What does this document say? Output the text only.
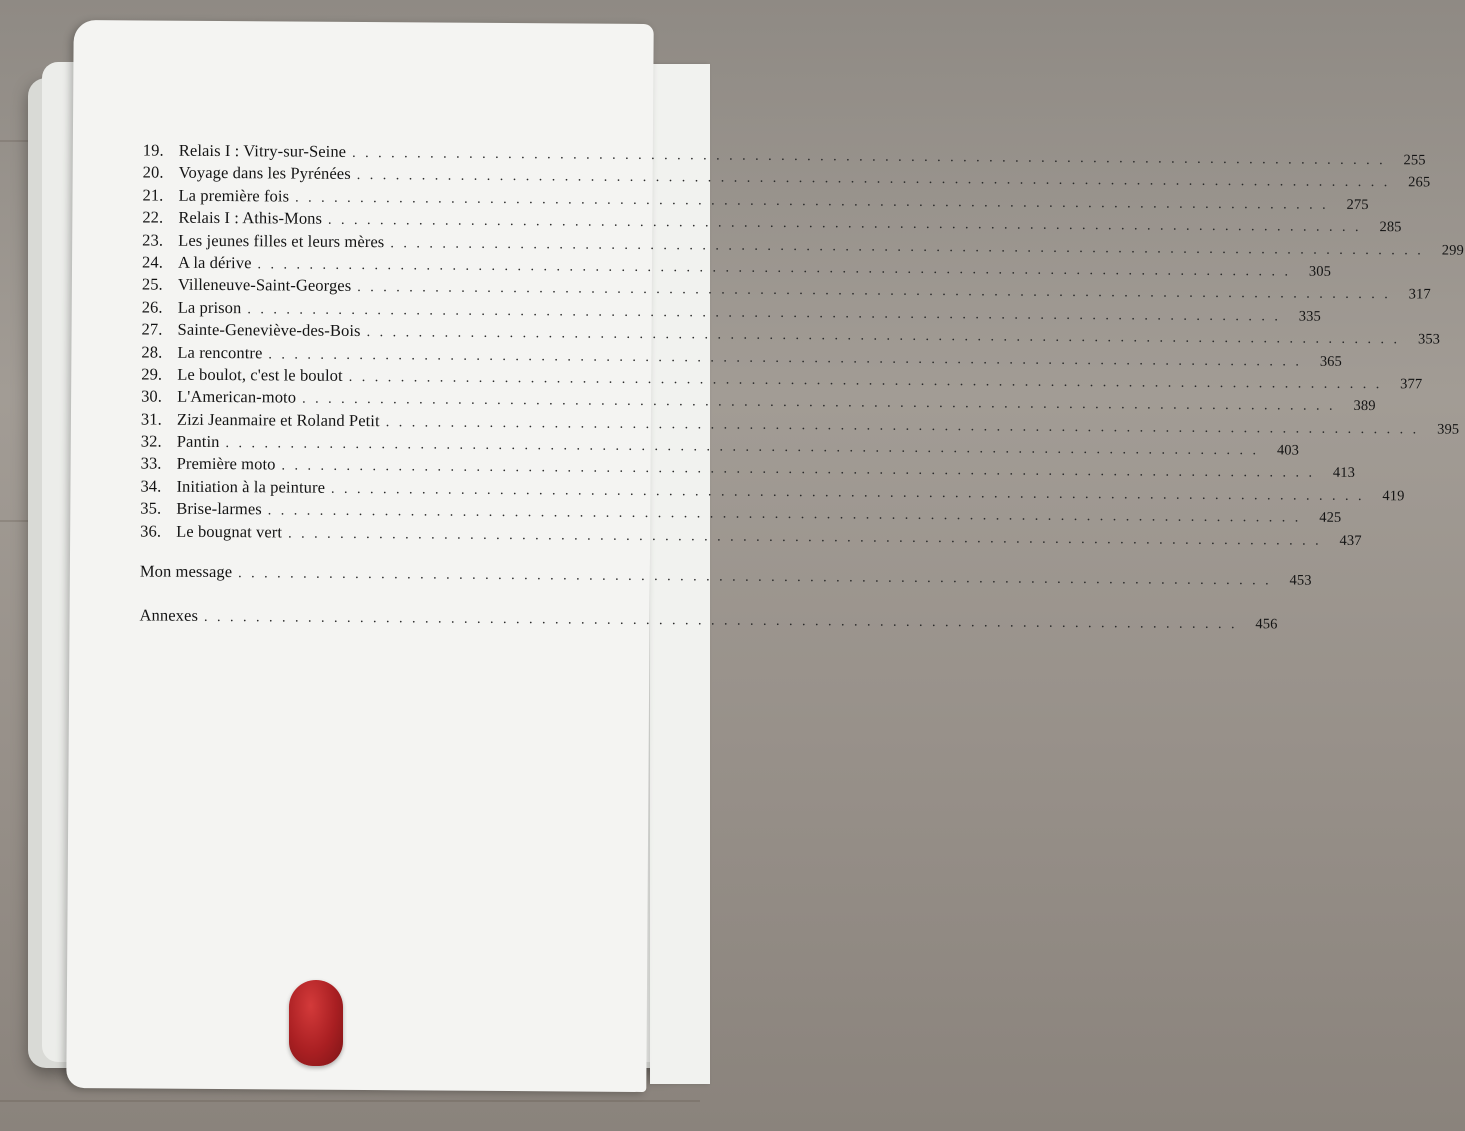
19. Relais I : Vitry-sur-Seine . . . . . . . . . . . . . . . . . . . . . . . . . . . . . . . . . . . . . . . . . . . . . . . . . . . . . . . . . . . . . . . . . . . . . . . . . . . . . . . .	255
20. Voyage dans les Pyrénées . . . . . . . . . . . . . . . . . . . . . . . . . . . . . . . . . . . . . . . . . . . . . . . . . . . . . . . . . . . . . . . . . . . . . . . . . . . . . . . .	265
21. La première fois . . . . . . . . . . . . . . . . . . . . . . . . . . . . . . . . . . . . . . . . . . . . . . . . . . . . . . . . . . . . . . . . . . . . . . . . . . . . . . . .	275
22. Relais I : Athis-Mons . . . . . . . . . . . . . . . . . . . . . . . . . . . . . . . . . . . . . . . . . . . . . . . . . . . . . . . . . . . . . . . . . . . . . . . . . . . . . . . .	285
23. Les jeunes filles et leurs mères . . . . . . . . . . . . . . . . . . . . . . . . . . . . . . . . . . . . . . . . . . . . . . . . . . . . . . . . . . . . . . . . . . . . . . . . . . . . . . . .	299
24. A la dérive . . . . . . . . . . . . . . . . . . . . . . . . . . . . . . . . . . . . . . . . . . . . . . . . . . . . . . . . . . . . . . . . . . . . . . . . . . . . . . . .	305
25. Villeneuve-Saint-Georges . . . . . . . . . . . . . . . . . . . . . . . . . . . . . . . . . . . . . . . . . . . . . . . . . . . . . . . . . . . . . . . . . . . . . . . . . . . . . . . .	317
26. La prison . . . . . . . . . . . . . . . . . . . . . . . . . . . . . . . . . . . . . . . . . . . . . . . . . . . . . . . . . . . . . . . . . . . . . . . . . . . . . . . .	335
27. Sainte-Geneviève-des-Bois . . . . . . . . . . . . . . . . . . . . . . . . . . . . . . . . . . . . . . . . . . . . . . . . . . . . . . . . . . . . . . . . . . . . . . . . . . . . . . . .	353
28. La rencontre . . . . . . . . . . . . . . . . . . . . . . . . . . . . . . . . . . . . . . . . . . . . . . . . . . . . . . . . . . . . . . . . . . . . . . . . . . . . . . . .	365
29. Le boulot, c'est le boulot . . . . . . . . . . . . . . . . . . . . . . . . . . . . . . . . . . . . . . . . . . . . . . . . . . . . . . . . . . . . . . . . . . . . . . . . . . . . . . . .	377
30. L'American-moto . . . . . . . . . . . . . . . . . . . . . . . . . . . . . . . . . . . . . . . . . . . . . . . . . . . . . . . . . . . . . . . . . . . . . . . . . . . . . . . .	389
31. Zizi Jeanmaire et Roland Petit . . . . . . . . . . . . . . . . . . . . . . . . . . . . . . . . . . . . . . . . . . . . . . . . . . . . . . . . . . . . . . . . . . . . . . . . . . . . . . . .	395
32. Pantin . . . . . . . . . . . . . . . . . . . . . . . . . . . . . . . . . . . . . . . . . . . . . . . . . . . . . . . . . . . . . . . . . . . . . . . . . . . . . . . .	403
33. Première moto . . . . . . . . . . . . . . . . . . . . . . . . . . . . . . . . . . . . . . . . . . . . . . . . . . . . . . . . . . . . . . . . . . . . . . . . . . . . . . . .	413
34. Initiation à la peinture . . . . . . . . . . . . . . . . . . . . . . . . . . . . . . . . . . . . . . . . . . . . . . . . . . . . . . . . . . . . . . . . . . . . . . . . . . . . . . . .	419
35. Brise-larmes . . . . . . . . . . . . . . . . . . . . . . . . . . . . . . . . . . . . . . . . . . . . . . . . . . . . . . . . . . . . . . . . . . . . . . . . . . . . . . . .	425
36. Le bougnat vert . . . . . . . . . . . . . . . . . . . . . . . . . . . . . . . . . . . . . . . . . . . . . . . . . . . . . . . . . . . . . . . . . . . . . . . . . . . . . . . .	437
Mon message . . . . . . . . . . . . . . . . . . . . . . . . . . . . . . . . . . . . . . . . . . . . . . . . . . . . . . . . . . . . . . . . . . . . . . . . . . . . . . . .	453
Annexes . . . . . . . . . . . . . . . . . . . . . . . . . . . . . . . . . . . . . . . . . . . . . . . . . . . . . . . . . . . . . . . . . . . . . . . . . . . . . . . .	456
